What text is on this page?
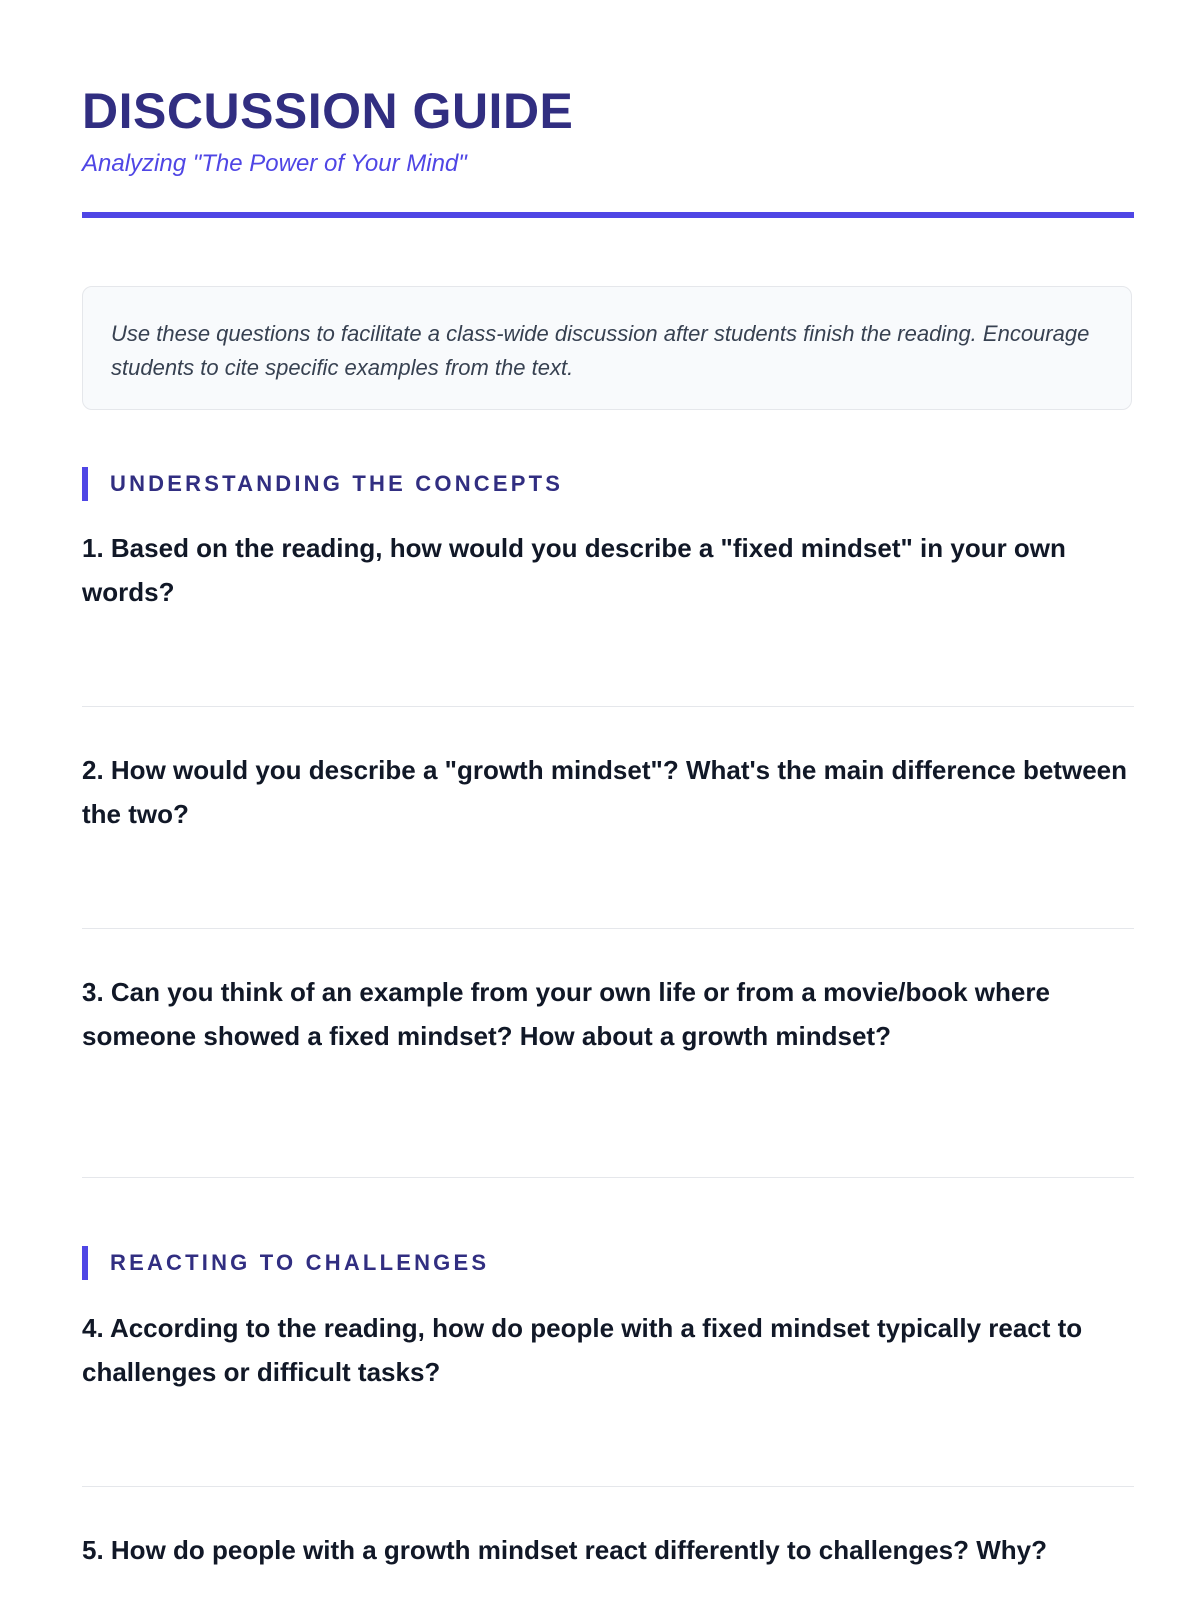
DISCUSSION GUIDE

Analyzing "The Power of Your Mind"

Use these questions to facilitate a class-wide discussion after students finish the reading. Encourage students to cite specific examples from the text.

UNDERSTANDING THE CONCEPTS

1. Based on the reading, how would you describe a "fixed mindset" in your own words?

2. How would you describe a "growth mindset"? What's the main difference between the two?

3. Can you think of an example from your own life or from a movie/book where someone showed a fixed mindset? How about a growth mindset?

REACTING TO CHALLENGES

4. According to the reading, how do people with a fixed mindset typically react to challenges or difficult tasks?

5. How do people with a growth mindset react differently to challenges? Why?
